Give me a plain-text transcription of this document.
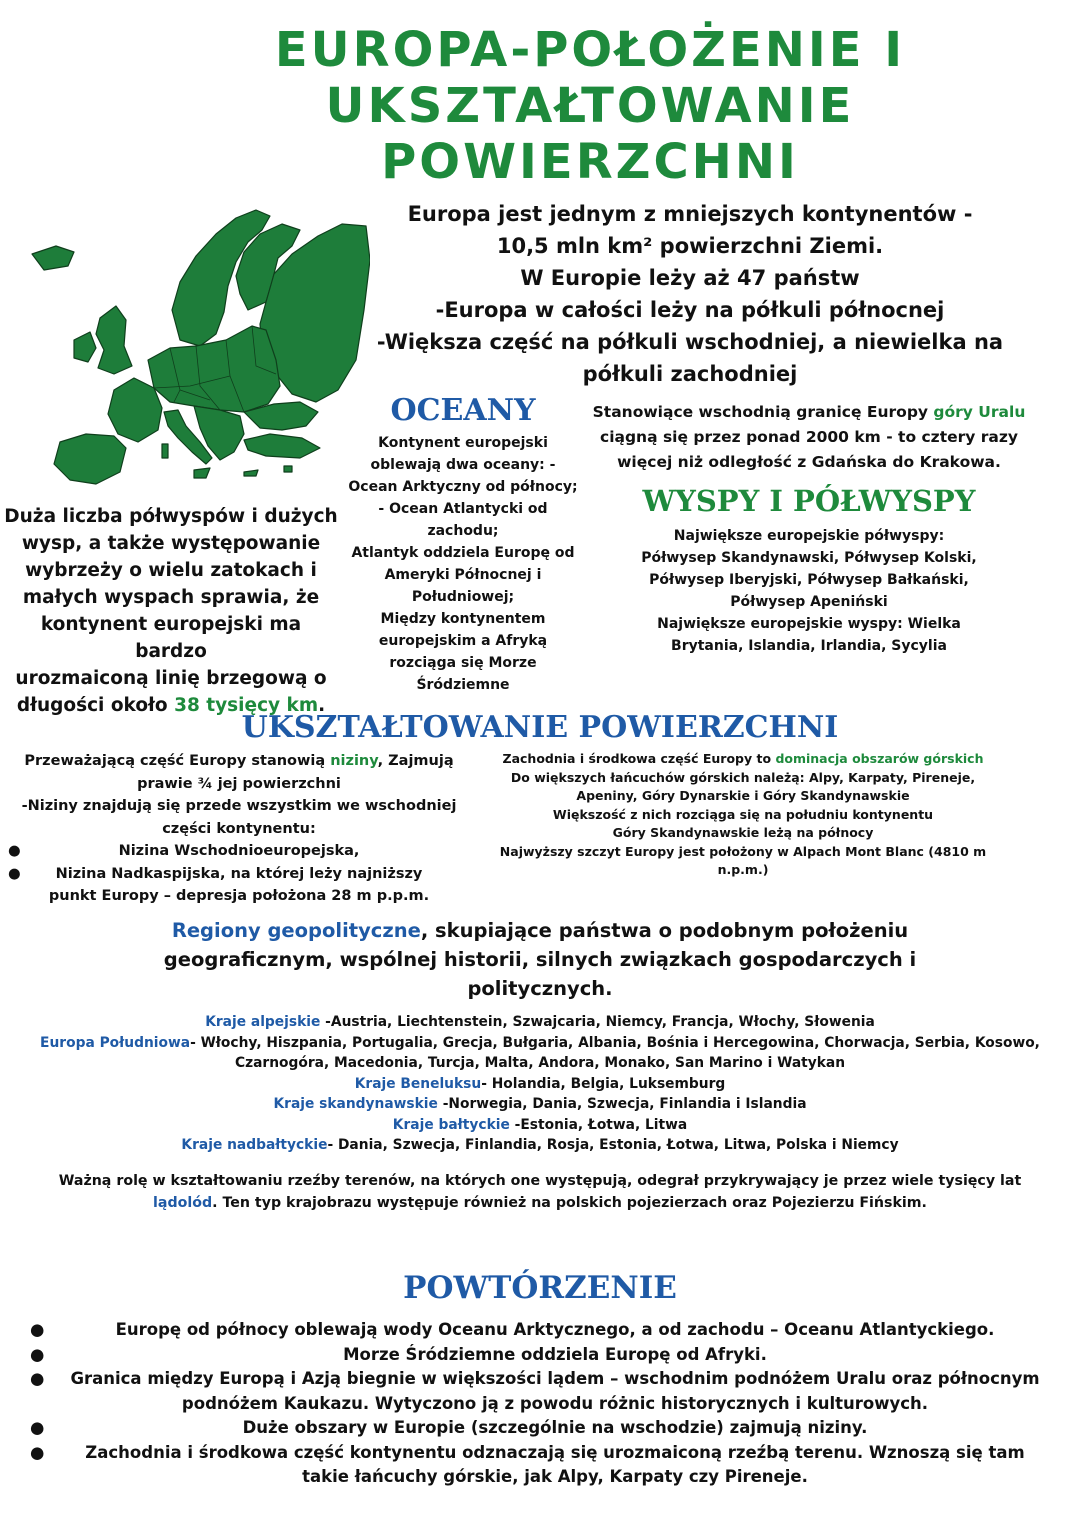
EUROPA-POŁOŻENIE I
UKSZTAŁTOWANIE
POWIERZCHNI
Europa jest jednym z mniejszych kontynentów -
10,5 mln km² powierzchni Ziemi.
W Europie leży aż 47 państw
-Europa w całości leży na półkuli północnej
-Większa część na półkuli wschodniej, a niewielka na
półkuli zachodniej
OCEANY
Kontynent europejski
oblewają dwa oceany: -
Ocean Arktyczny od północy;
- Ocean Atlantycki od
zachodu;
Atlantyk oddziela Europę od
Ameryki Północnej i
Południowej;
Między kontynentem
europejskim a Afryką
rozciąga się Morze
Śródziemne
Duża liczba półwyspów i dużych
wysp, a także występowanie
wybrzeży o wielu zatokach i
małych wyspach sprawia, że
kontynent europejski ma bardzo
urozmaiconą linię brzegową o
długości około 38 tysięcy km.
Stanowiące wschodnią granicę Europy góry Uralu
ciągną się przez ponad 2000 km - to cztery razy
więcej niż odległość z Gdańska do Krakowa.
WYSPY I PÓŁWYSPY
Największe europejskie półwyspy:
Półwysep Skandynawski, Półwysep Kolski,
Półwysep Iberyjski, Półwysep Bałkański,
Półwysep Apeniński
Największe europejskie wyspy: Wielka
Brytania, Islandia, Irlandia, Sycylia
UKSZTAŁTOWANIE POWIERZCHNI
Przeważającą część Europy stanowią niziny, Zajmują
prawie ¾ jej powierzchni
-Niziny znajdują się przede wszystkim we wschodniej
części kontynentu:
●	Nizina Wschodnioeuropejska,
● Nizina Nadkaspijska, na której leży najniższy
punkt Europy – depresja położona 28 m p.p.m.
Zachodnia i środkowa część Europy to dominacja obszarów górskich
Do większych łańcuchów górskich należą: Alpy, Karpaty, Pireneje,
Apeniny, Góry Dynarskie i Góry Skandynawskie
Większość z nich rozciąga się na południu kontynentu
Góry Skandynawskie leżą na północy
Najwyższy szczyt Europy jest położony w Alpach Mont Blanc (4810 m
n.p.m.)
Regiony geopolityczne, skupiające państwa o podobnym położeniu
geograficznym, wspólnej historii, silnych związkach gospodarczych i
politycznych.
Kraje alpejskie -Austria, Liechtenstein, Szwajcaria, Niemcy, Francja, Włochy, Słowenia
Europa Południowa- Włochy, Hiszpania, Portugalia, Grecja, Bułgaria, Albania, Bośnia i Hercegowina, Chorwacja, Serbia, Kosowo,
Czarnogóra, Macedonia, Turcja, Malta, Andora, Monako, San Marino i Watykan
Kraje Beneluksu- Holandia, Belgia, Luksemburg
Kraje skandynawskie -Norwegia, Dania, Szwecja, Finlandia i Islandia
Kraje bałtyckie -Estonia, Łotwa, Litwa
Kraje nadbałtyckie- Dania, Szwecja, Finlandia, Rosja, Estonia, Łotwa, Litwa, Polska i Niemcy
Ważną rolę w kształtowaniu rzeźby terenów, na których one występują, odegrał przykrywający je przez wiele tysięcy lat
lądolód. Ten typ krajobrazu występuje również na polskich pojezierzach oraz Pojezierzu Fińskim.
POWTÓRZENIE
●	Europę od północy oblewają wody Oceanu Arktycznego, a od zachodu – Oceanu Atlantyckiego.
●	Morze Śródziemne oddziela Europę od Afryki.
● Granica między Europą i Azją biegnie w większości lądem – wschodnim podnóżem Uralu oraz północnym podnóżem Kaukazu. Wytyczono ją z powodu różnic historycznych i kulturowych.
●	Duże obszary w Europie (szczególnie na wschodzie) zajmują niziny.
● Zachodnia i środkowa część kontynentu odznaczają się urozmaiconą rzeźbą terenu. Wznoszą się tam takie łańcuchy górskie, jak Alpy, Karpaty czy Pireneje.
